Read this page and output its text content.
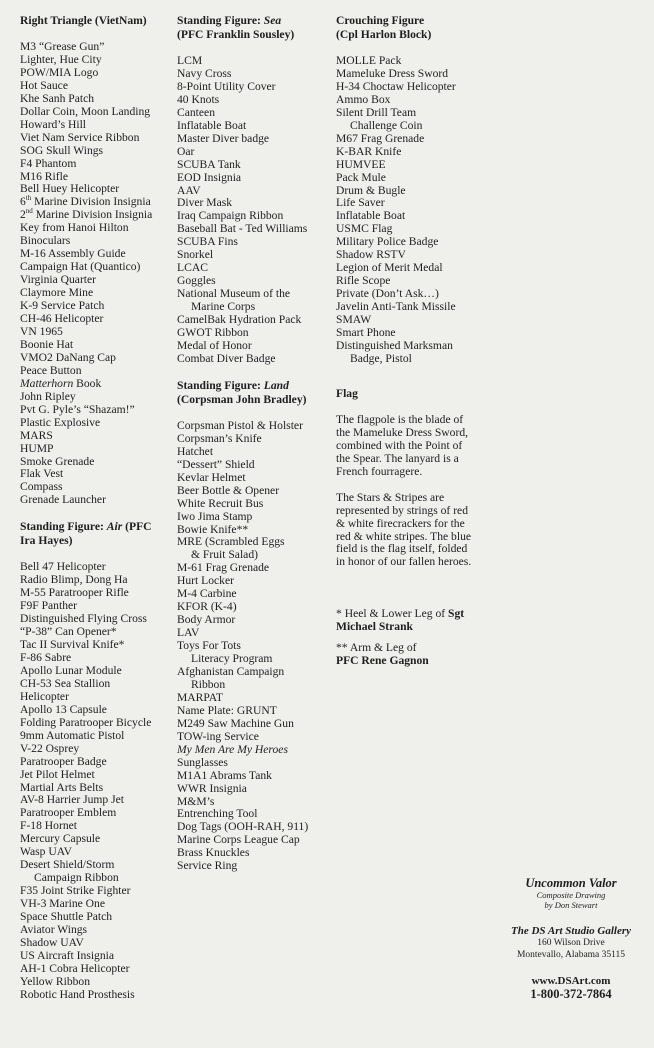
Right Triangle (VietNam)
M3 “Grease Gun”
Lighter, Hue City
POW/MIA Logo
Hot Sauce
Khe Sanh Patch
Dollar Coin, Moon Landing
Howard’s Hill
Viet Nam Service Ribbon
SOG Skull Wings
F4 Phantom
M16 Rifle
Bell Huey Helicopter
6th Marine Division Insignia
2nd Marine Division Insignia
Key from Hanoi Hilton
Binoculars
M-16 Assembly Guide
Campaign Hat (Quantico)
Virginia Quarter
Claymore Mine
K-9 Service Patch
CH-46 Helicopter
VN 1965
Boonie Hat
VMO2 DaNang Cap
Peace Button
Matterhorn Book
John Ripley
Pvt G. Pyle’s “Shazam!”
Plastic Explosive
MARS
HUMP
Smoke Grenade
Flak Vest
Compass
Grenade Launcher
Standing Figure: Air (PFC Ira Hayes)
Bell 47 Helicopter
Radio Blimp, Dong Ha
M-55 Paratrooper Rifle
F9F Panther
Distinguished Flying Cross
“P-38” Can Opener*
Tac II Survival Knife*
F-86 Sabre
Apollo Lunar Module
CH-53 Sea Stallion
Helicopter
Apollo 13 Capsule
Folding Paratrooper Bicycle
9mm Automatic Pistol
V-22 Osprey
Paratrooper Badge
Jet Pilot Helmet
Martial Arts Belts
AV-8 Harrier Jump Jet
Paratrooper Emblem
F-18 Hornet
Mercury Capsule
Wasp UAV
Desert Shield/Storm
Campaign Ribbon
F35 Joint Strike Fighter
VH-3 Marine One
Space Shuttle Patch
Aviator Wings
Shadow UAV
US Aircraft Insignia
AH-1 Cobra Helicopter
Yellow Ribbon
Robotic Hand Prosthesis
Standing Figure: Sea
(PFC Franklin Sousley)
LCM
Navy Cross
8-Point Utility Cover
40 Knots
Canteen
Inflatable Boat
Master Diver badge
Oar
SCUBA Tank
EOD Insignia
AAV
Diver Mask
Iraq Campaign Ribbon
Baseball Bat - Ted Williams
SCUBA Fins
Snorkel
LCAC
Goggles
National Museum of the
Marine Corps
CamelBak Hydration Pack
GWOT Ribbon
Medal of Honor
Combat Diver Badge
Standing Figure: Land
(Corpsman John Bradley)
Corpsman Pistol & Holster
Corpsman’s Knife
Hatchet
“Dessert” Shield
Kevlar Helmet
Beer Bottle & Opener
White Recruit Bus
Iwo Jima Stamp
Bowie Knife**
MRE (Scrambled Eggs
& Fruit Salad)
M-61 Frag Grenade
Hurt Locker
M-4 Carbine
KFOR (K-4)
Body Armor
LAV
Toys For Tots
Literacy Program
Afghanistan Campaign
Ribbon
MARPAT
Name Plate: GRUNT
M249 Saw Machine Gun
TOW-ing Service
My Men Are My Heroes
Sunglasses
M1A1 Abrams Tank
WWR Insignia
M&M’s
Entrenching Tool
Dog Tags (OOH-RAH, 911)
Marine Corps League Cap
Brass Knuckles
Service Ring
Crouching Figure
(Cpl Harlon Block)
MOLLE Pack
Mameluke Dress Sword
H-34 Choctaw Helicopter
Ammo Box
Silent Drill Team
Challenge Coin
M67 Frag Grenade
K-BAR Knife
HUMVEE
Pack Mule
Drum & Bugle
Life Saver
Inflatable Boat
USMC Flag
Military Police Badge
Shadow RSTV
Legion of Merit Medal
Rifle Scope
Private (Don’t Ask…)
Javelin Anti-Tank Missile
SMAW
Smart Phone
Distinguished Marksman
Badge, Pistol
Flag

The flagpole is the blade of the Mameluke Dress Sword, combined with the Point of the Spear. The lanyard is a French fourragere.

The Stars & Stripes are represented by strings of red & white firecrackers for the red & white stripes. The blue field is the flag itself, folded in honor of our fallen heroes.

* Heel & Lower Leg of Sgt Michael Strank

** Arm & Leg of
PFC Rene Gagnon

Uncommon Valor
Composite Drawing
by Don Stewart
The DS Art Studio Gallery
160 Wilson Drive
Montevallo, Alabama 35115
www.DSArt.com
1-800-372-7864
